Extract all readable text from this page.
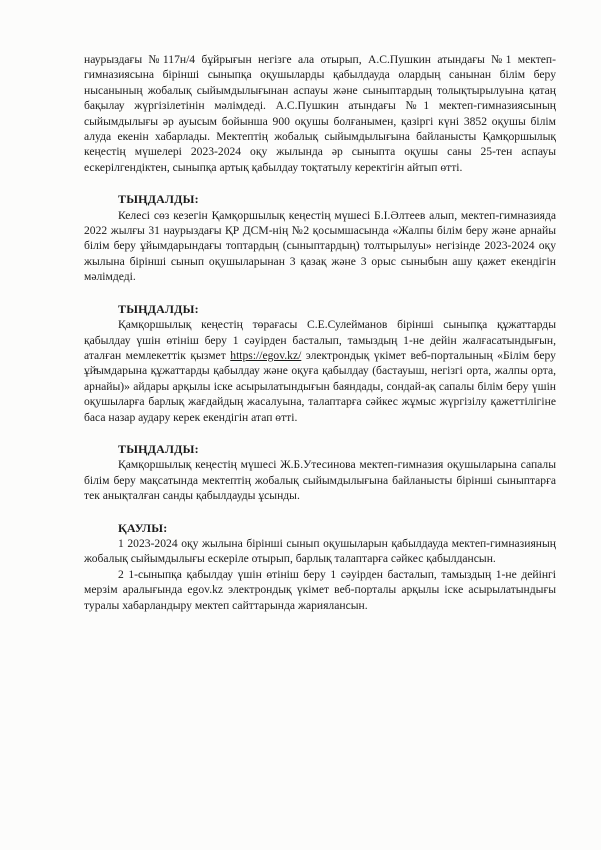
наурыздағы №117н/4 бұйрығын негізге ала отырып, А.С.Пушкин атындағы №1 мектеп-гимназиясына бірінші сыныпқа оқушыларды қабылдауда олардың санынан білім беру нысанының жобалық сыйымдылығынан аспауы және сыныптардың толықтырылуына қатаң бақылау жүргізілетінін мәлімдеді. А.С.Пушкин атындағы №1 мектеп-гимназиясының сыйымдылығы әр ауысым бойынша 900 оқушы болғанымен, қазіргі күні 3852 оқушы білім алуда екенін хабарлады. Мектептің жобалық сыйымдылығына байланысты Қамқоршылық кеңестің мүшелері 2023-2024 оқу жылында әр сыныпта оқушы саны 25-тен аспауы ескерілгендіктен, сыныпқа артық қабылдау тоқтатылу керектігін айтып өтті.

ТЫҢДАЛДЫ:

Келесі сөз кезегін Қамқоршылық кеңестің мүшесі Б.І.Әлтеев алып, мектеп-гимназияда 2022 жылғы 31 наурыздағы ҚР ДСМ-нің №2 қосымшасында «Жалпы білім беру және арнайы білім беру ұйымдарындағы топтардың (сыныптардың) толтырылуы» негізінде 2023-2024 оқу жылына бірінші сынып оқушыларынан 3 қазақ және 3 орыс сыныбын ашу қажет екендігін мәлімдеді.

ТЫҢДАЛДЫ:

Қамқоршылық кеңестің төрағасы С.Е.Сулейманов бірінші сыныпқа құжаттарды қабылдау үшін өтініш беру 1 сәуірден басталып, тамыздың 1-не дейін жалғасатындығын, аталған мемлекеттік қызмет https://egov.kz/ электрондық үкімет веб-порталының «Білім беру ұйымдарына құжаттарды қабылдау және оқуға қабылдау (бастауыш, негізгі орта, жалпы орта, арнайы)» айдары арқылы іске асырылатындығын баяндады, сондай-ақ сапалы білім беру үшін оқушыларға барлық жағдайдың жасалуына, талаптарға сәйкес жұмыс жүргізілу қажеттілігіне баса назар аудару керек екендігін атап өтті.

ТЫҢДАЛДЫ:

Қамқоршылық кеңестің мүшесі Ж.Б.Утесинова мектеп-гимназия оқушыларына сапалы білім беру мақсатында мектептің жобалық сыйымдылығына байланысты бірінші сыныптарға тек анықталған санды қабылдауды ұсынды.

ҚАУЛЫ:

1 2023-2024 оқу жылына бірінші сынып оқушыларын қабылдауда мектеп-гимназияның жобалық сыйымдылығы ескеріле отырып, барлық талаптарға сәйкес қабылдансын.

2 1-сыныпқа қабылдау үшін өтініш беру 1 сәуірден басталып, тамыздың 1-не дейінгі мерзім аралығында egov.kz электрондық үкімет веб-порталы арқылы іске асырылатындығы туралы хабарландыру мектеп сайттарында жариялансын.
